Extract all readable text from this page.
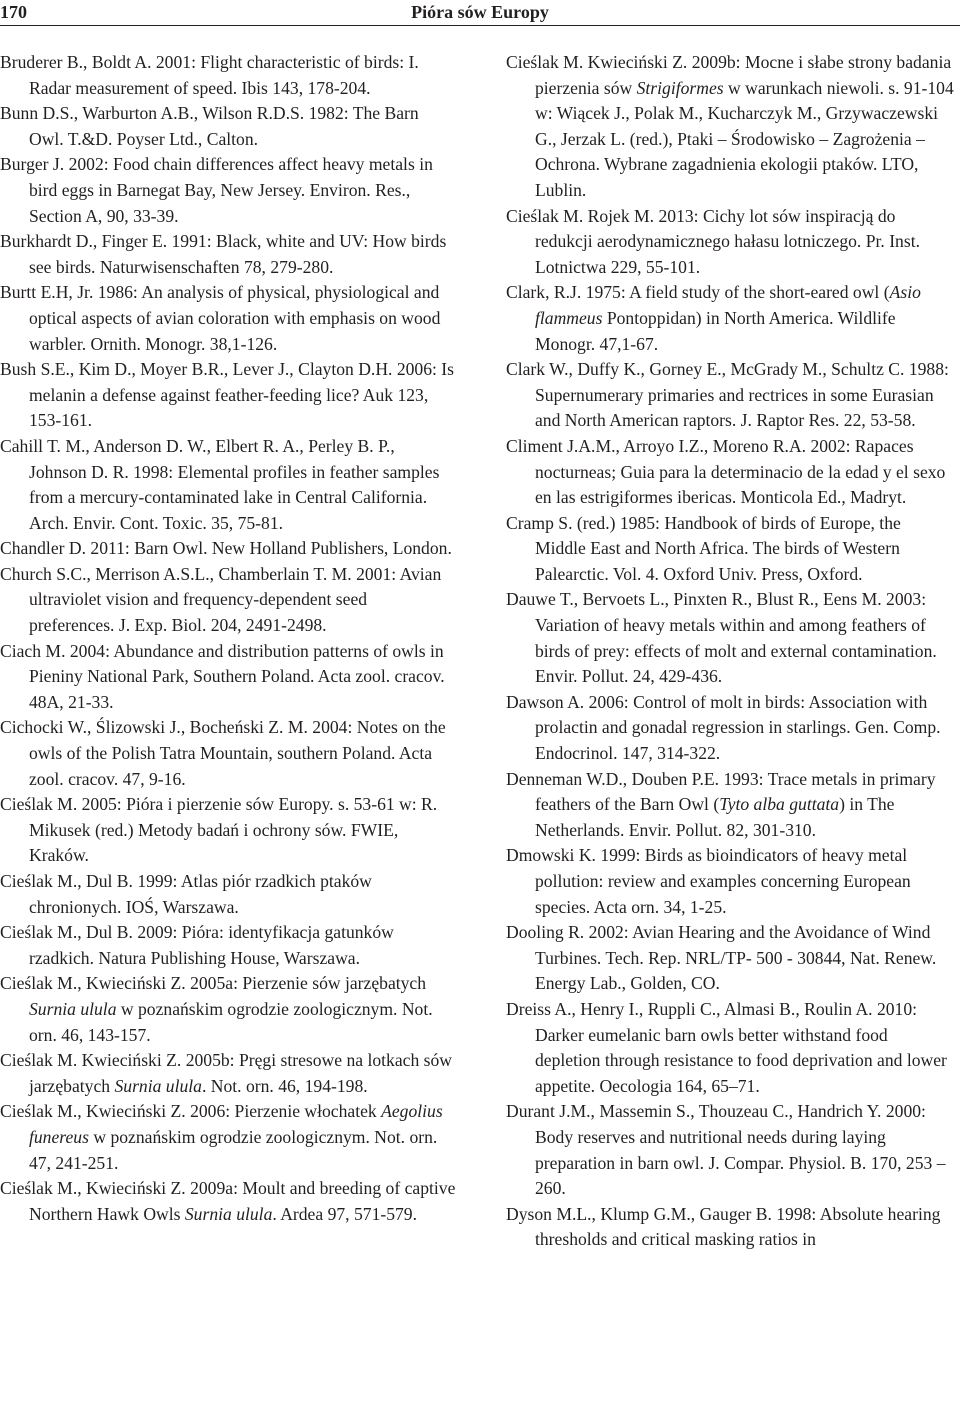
170	Pióra sów Europy

Bruderer B., Boldt A. 2001: Flight characteristic of birds: I. Radar measurement of speed. Ibis 143, 178-204.

Bunn D.S., Warburton A.B., Wilson R.D.S. 1982: The Barn Owl. T.&D. Poyser Ltd., Calton.

Burger J. 2002: Food chain differences affect heavy metals in bird eggs in Barnegat Bay, New Jersey. Environ. Res., Section A, 90, 33-39.

Burkhardt D., Finger E. 1991: Black, white and UV: How birds see birds. Naturwisenschaften 78, 279-280.

Burtt E.H, Jr. 1986: An analysis of physical, physiological and optical aspects of avian coloration with emphasis on wood warbler. Ornith. Monogr. 38,1-126.

Bush S.E., Kim D., Moyer B.R., Lever J., Clayton D.H. 2006: Is melanin a defense against feather-feeding lice? Auk 123, 153-161.

Cahill T. M., Anderson D. W., Elbert R. A., Perley B. P., Johnson D. R. 1998: Elemental profiles in feather samples from a mercury-contaminated lake in Central California. Arch. Envir. Cont. Toxic. 35, 75-81.

Chandler D. 2011: Barn Owl. New Holland Publishers, London.

Church S.C., Merrison A.S.L., Chamberlain T. M. 2001: Avian ultraviolet vision and frequency-dependent seed preferences. J. Exp. Biol. 204, 2491-2498.

Ciach M. 2004: Abundance and distribution patterns of owls in Pieniny National Park, Southern Poland. Acta zool. cracov. 48A, 21-33.

Cichocki W., Ślizowski J., Bocheński Z. M. 2004: Notes on the owls of the Polish Tatra Mountain, southern Poland. Acta zool. cracov. 47, 9-16.

Cieślak M. 2005: Pióra i pierzenie sów Europy. s. 53-61 w: R. Mikusek (red.) Metody badań i ochrony sów. FWIE, Kraków.

Cieślak M., Dul B. 1999: Atlas piór rzadkich ptaków chronionych. IOŚ, Warszawa.

Cieślak M., Dul B. 2009: Pióra: identyfikacja gatunków rzadkich. Natura Publishing House, Warszawa.

Cieślak M., Kwieciński Z. 2005a: Pierzenie sów jarzębatych Surnia ulula w poznańskim ogrodzie zoologicznym. Not. orn. 46, 143-157.

Cieślak M. Kwieciński Z. 2005b: Pręgi stresowe na lotkach sów jarzębatych Surnia ulula. Not. orn. 46, 194-198.

Cieślak M., Kwieciński Z. 2006: Pierzenie włochatek Aegolius funereus w poznańskim ogrodzie zoologicznym. Not. orn. 47, 241-251.

Cieślak M., Kwieciński Z. 2009a: Moult and breeding of captive Northern Hawk Owls Surnia ulula. Ardea 97, 571-579.

Cieślak M. Kwieciński Z. 2009b: Mocne i słabe strony badania pierzenia sów Strigiformes w warunkach niewoli. s. 91-104 w: Wiącek J., Polak M., Kucharczyk M., Grzywaczewski G., Jerzak L. (red.), Ptaki – Środowisko – Zagrożenia – Ochrona. Wybrane zagadnienia ekologii ptaków. LTO, Lublin.

Cieślak M. Rojek M. 2013: Cichy lot sów inspiracją do redukcji aerodynamicznego hałasu lotniczego. Pr. Inst. Lotnictwa 229, 55-101.

Clark, R.J. 1975: A field study of the short-eared owl (Asio flammeus Pontoppidan) in North America. Wildlife Monogr. 47,1-67.

Clark W., Duffy K., Gorney E., McGrady M., Schultz C. 1988: Supernumerary primaries and rectrices in some Eurasian and North American raptors. J. Raptor Res. 22, 53-58.

Climent J.A.M., Arroyo I.Z., Moreno R.A. 2002: Rapaces nocturneas; Guia para la determinacio de la edad y el sexo en las estrigiformes ibericas. Monticola Ed., Madryt.

Cramp S. (red.) 1985: Handbook of birds of Europe, the Middle East and North Africa. The birds of Western Palearctic. Vol. 4. Oxford Univ. Press, Oxford.

Dauwe T., Bervoets L., Pinxten R., Blust R., Eens M. 2003: Variation of heavy metals within and among feathers of birds of prey: effects of molt and external contamination. Envir. Pollut. 24, 429-436.

Dawson A. 2006: Control of molt in birds: Association with prolactin and gonadal regression in starlings. Gen. Comp. Endocrinol. 147, 314-322.

Denneman W.D., Douben P.E. 1993: Trace metals in primary feathers of the Barn Owl (Tyto alba guttata) in The Netherlands. Envir. Pollut. 82, 301-310.

Dmowski K. 1999: Birds as bioindicators of heavy metal pollution: review and examples concerning European species. Acta orn. 34, 1-25.

Dooling R. 2002: Avian Hearing and the Avoidance of Wind Turbines. Tech. Rep. NRL/TP- 500 - 30844, Nat. Renew. Energy Lab., Golden, CO.

Dreiss A., Henry I., Ruppli C., Almasi B., Roulin A. 2010: Darker eumelanic barn owls better withstand food depletion through resistance to food deprivation and lower appetite. Oecologia 164, 65–71.

Durant J.M., Massemin S., Thouzeau C., Handrich Y. 2000: Body reserves and nutritional needs during laying preparation in barn owl. J. Compar. Physiol. B. 170, 253 – 260.

Dyson M.L., Klump G.M., Gauger B. 1998: Absolute hearing thresholds and critical masking ratios in
